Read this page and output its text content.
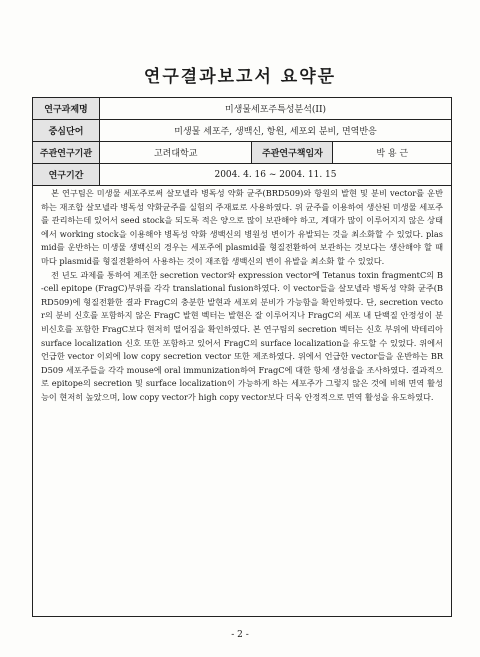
연구결과보고서 요약문
연구과제명	미생물세포주특성분석(II)		
중심단어	미생물 세포주, 생백신, 항원, 세포외 분비, 면역반응		
주관연구기관	고려대학교	주관연구책임자	박 용 근
연구기간	2004. 4. 16 ~ 2004. 11. 15		

본 연구팀은 미생물 세포주로써 살모넬라 병독성 약화 균주(BRD509)와 항원의 발현 및 분비 vector를 운반하는 재조합 살모넬라 병독성 약화균주를 실험의 주재료로 사용하였다. 위 균주를 이용하여 생산된 미생물 세포주를 관리하는데 있어서 seed stock을 되도록 적은 양으로 많이 보관해야 하고, 계대가 많이 이루어지지 않은 상태에서 working stock을 이용해야 병독성 약화 생백신의 병원성 변이가 유발되는 것을 최소화할 수 있었다. plasmid를 운반하는 미생물 생백신의 경우는 세포주에 plasmid를 형질전환하여 보관하는 것보다는 생산해야 할 때마다 plasmid를 형질전환하여 사용하는 것이 재조합 생백신의 변이 유발을 최소화 할 수 있었다.

전 년도 과제를 통하여 제조한 secretion vector와 expression vector에 Tetanus toxin fragmentC의 B-cell epitope (FragC)부위를 각각 translational fusion하였다. 이 vector들을 살모넬라 병독성 약화 균주(BRD509)에 형질전환한 결과 FragC의 충분한 발현과 세포외 분비가 가능함을 확인하였다. 단, secretion vector의 분비 신호를 포함하지 않은 FragC 발현 벡터는 발현은 잘 이루어지나 FragC의 세포 내 단백질 안정성이 분비신호를 포함한 FragC보다 현저히 떨어짐을 확인하였다. 본 연구팀의 secretion 벡터는 신호 부위에 박테리아 surface localization 신호 또한 포함하고 있어서 FragC의 surface localization을 유도할 수 있었다. 위에서 언급한 vector 이외에 low copy secretion vector 또한 제조하였다. 위에서 언급한 vector들을 운반하는 BRD509 세포주들을 각각 mouse에 oral immunization하여 FragC에 대한 항체 생성율을 조사하였다. 결과적으로 epitope의 secretion 및 surface localization이 가능하게 하는 세포주가 그렇지 않은 것에 비해 면역 활성능이 현저히 높았으며, low copy vector가 high copy vector보다 더욱 안정적으로 면역 활성을 유도하였다.

- 2 -
